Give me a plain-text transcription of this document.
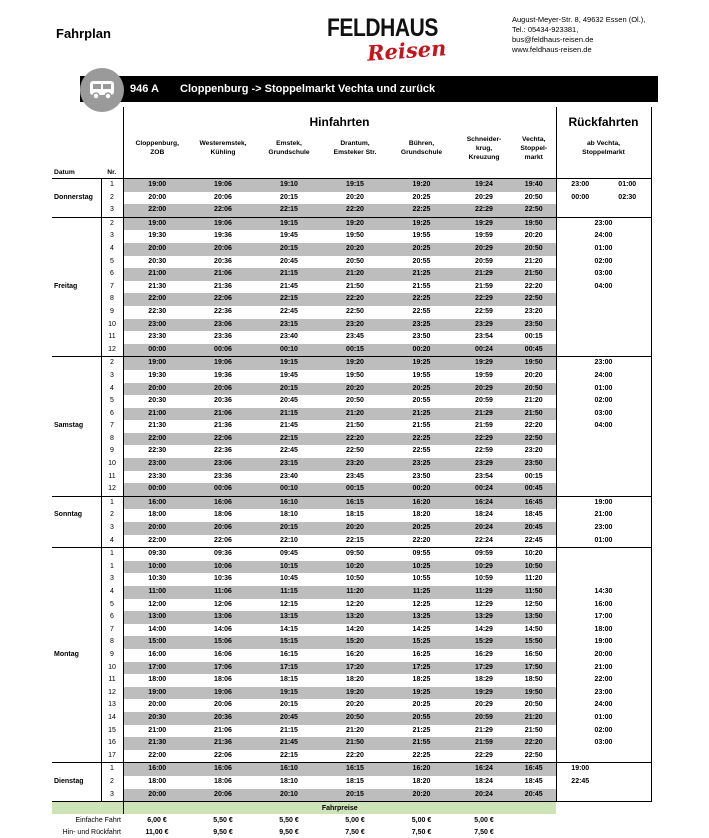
Fahrplan	FELDHAUS
Reisen
August-Meyer-Str. 8, 49632 Essen (Ol.),
Tel.: 05434-923381,
bus@feldhaus-reisen.de
www.feldhaus-reisen.de
946 A Cloppenburg -> Stoppelmarkt Vechta und zurück
		Hinfahrten							Rückfahrten	
		Cloppenburg,
ZOB	Westeremstek,
Kühling	Emstek,
Grundschule	Drantum,
Emsteker Str.	Bühren,
Grundschule	Schneider-
krug,
Kreuzung	Vechta,
Stoppel-
markt	ab Vechta,
Stoppelmarkt	
Datum	Nr.									
	1	19:00	19:06	19:10	19:15	19:20	19:24	19:40	23:00	01:00
Donnerstag	2	20:00	20:06	20:15	20:20	20:25	20:29	20:50	00:00	02:30
	3	22:00	22:06	22:15	22:20	22:25	22:29	22:50		
	2	19:00	19:06	19:15	19:20	19:25	19:29	19:50	23:00	
	3	19:30	19:36	19:45	19:50	19:55	19:59	20:20	24:00	
	4	20:00	20:06	20:15	20:20	20:25	20:29	20:50	01:00	
	5	20:30	20:36	20:45	20:50	20:55	20:59	21:20	02:00	
	6	21:00	21:06	21:15	21:20	21:25	21:29	21:50	03:00	
Freitag	7	21:30	21:36	21:45	21:50	21:55	21:59	22:20	04:00	
	8	22:00	22:06	22:15	22:20	22:25	22:29	22:50		
	9	22:30	22:36	22:45	22:50	22:55	22:59	23:20		
	10	23:00	23:06	23:15	23:20	23:25	23:29	23:50		
	11	23:30	23:36	23:40	23:45	23:50	23:54	00:15		
	12	00:00	00:06	00:10	00:15	00:20	00:24	00:45		
	2	19:00	19:06	19:15	19:20	19:25	19:29	19:50	23:00	
	3	19:30	19:36	19:45	19:50	19:55	19:59	20:20	24:00	
	4	20:00	20:06	20:15	20:20	20:25	20:29	20:50	01:00	
	5	20:30	20:36	20:45	20:50	20:55	20:59	21:20	02:00	
	6	21:00	21:06	21:15	21:20	21:25	21:29	21:50	03:00	
Samstag	7	21:30	21:36	21:45	21:50	21:55	21:59	22:20	04:00	
	8	22:00	22:06	22:15	22:20	22:25	22:29	22:50		
	9	22:30	22:36	22:45	22:50	22:55	22:59	23:20		
	10	23:00	23:06	23:15	23:20	23:25	23:29	23:50		
	11	23:30	23:36	23:40	23:45	23:50	23:54	00:15		
	12	00:00	00:06	00:10	00:15	00:20	00:24	00:45		
	1	16:00	16:06	16:10	16:15	16:20	16:24	16:45	19:00	
Sonntag	2	18:00	18:06	18:10	18:15	18:20	18:24	18:45	21:00	
	3	20:00	20:06	20:15	20:20	20:25	20:24	20:45	23:00	
	4	22:00	22:06	22:10	22:15	22:20	22:24	22:45	01:00	
	1	09:30	09:36	09:45	09:50	09:55	09:59	10:20		
	1	10:00	10:06	10:15	10:20	10:25	10:29	10:50		
	3	10:30	10:36	10:45	10:50	10:55	10:59	11:20		
	4	11:00	11:06	11:15	11:20	11:25	11:29	11:50	14:30	
	5	12:00	12:06	12:15	12:20	12:25	12:29	12:50	16:00	
	6	13:00	13:06	13:15	13:20	13:25	13:29	13:50	17:00	
	7	14:00	14:06	14:15	14:20	14:25	14:29	14:50	18:00	
	8	15:00	15:06	15:15	15:20	15:25	15:29	15:50	19:00	
Montag	9	16:00	16:06	16:15	16:20	16:25	16:29	16:50	20:00	
	10	17:00	17:06	17:15	17:20	17:25	17:29	17:50	21:00	
	11	18:00	18:06	18:15	18:20	18:25	18:29	18:50	22:00	
	12	19:00	19:06	19:15	19:20	19:25	19:29	19:50	23:00	
	13	20:00	20:06	20:15	20:20	20:25	20:29	20:50	24:00	
	14	20:30	20:36	20:45	20:50	20:55	20:59	21:20	01:00	
	15	21:00	21:06	21:15	21:20	21:25	21:29	21:50	02:00	
	16	21:30	21:36	21:45	21:50	21:55	21:59	22:20	03:00	
	17	22:00	22:06	22:15	22:20	22:25	22:29	22:50		
	1	16:00	16:06	16:10	16:15	16:20	16:24	16:45	19:00	
Dienstag	2	18:00	18:06	18:10	18:15	18:20	18:24	18:45	22:45	
	3	20:00	20:06	20:10	20:15	20:20	20:24	20:45		
		Fahrpreise								
Einfache Fahrt		6,00 €	5,50 €	5,50 €	5,00 €	5,00 €	5,00 €			
Hin- und Rückfahrt		11,00 €	9,50 €	9,50 €	7,50 €	7,50 €	7,50 €			
